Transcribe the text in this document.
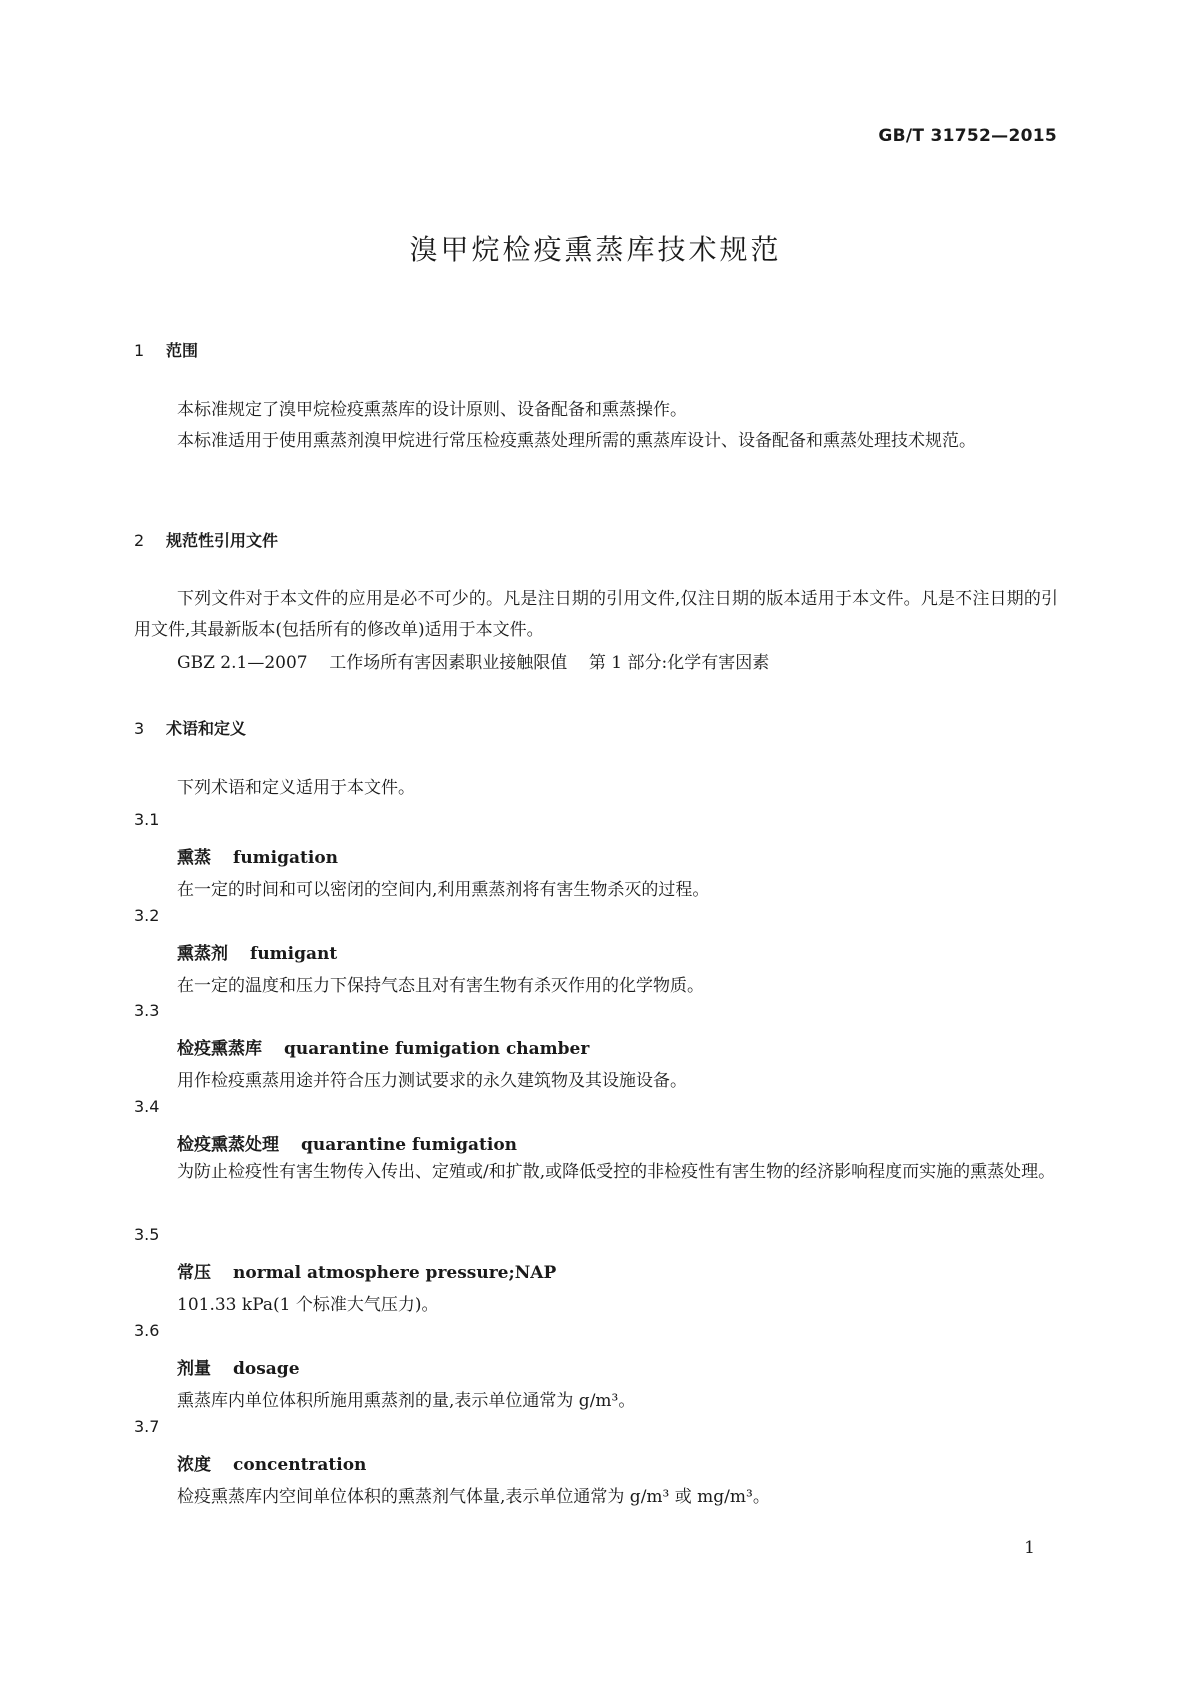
GB/T 31752—2015
溴甲烷检疫熏蒸库技术规范
1 范围
本标准规定了溴甲烷检疫熏蒸库的设计原则、设备配备和熏蒸操作。
本标准适用于使用熏蒸剂溴甲烷进行常压检疫熏蒸处理所需的熏蒸库设计、设备配备和熏蒸处理技术规范。
2 规范性引用文件
下列文件对于本文件的应用是必不可少的。凡是注日期的引用文件,仅注日期的版本适用于本文件。凡是不注日期的引用文件,其最新版本(包括所有的修改单)适用于本文件。
GBZ 2.1—2007 工作场所有害因素职业接触限值 第 1 部分:化学有害因素
3 术语和定义
下列术语和定义适用于本文件。
3.1
熏蒸 fumigation
在一定的时间和可以密闭的空间内,利用熏蒸剂将有害生物杀灭的过程。
3.2
熏蒸剂 fumigant
在一定的温度和压力下保持气态且对有害生物有杀灭作用的化学物质。
3.3
检疫熏蒸库 quarantine fumigation chamber
用作检疫熏蒸用途并符合压力测试要求的永久建筑物及其设施设备。
3.4
检疫熏蒸处理 quarantine fumigation
为防止检疫性有害生物传入传出、定殖或/和扩散,或降低受控的非检疫性有害生物的经济影响程度而实施的熏蒸处理。
3.5
常压 normal atmosphere pressure;NAP
101.33 kPa(1 个标准大气压力)。
3.6
剂量 dosage
熏蒸库内单位体积所施用熏蒸剂的量,表示单位通常为 g/m³。
3.7
浓度 concentration
检疫熏蒸库内空间单位体积的熏蒸剂气体量,表示单位通常为 g/m³ 或 mg/m³。
1
